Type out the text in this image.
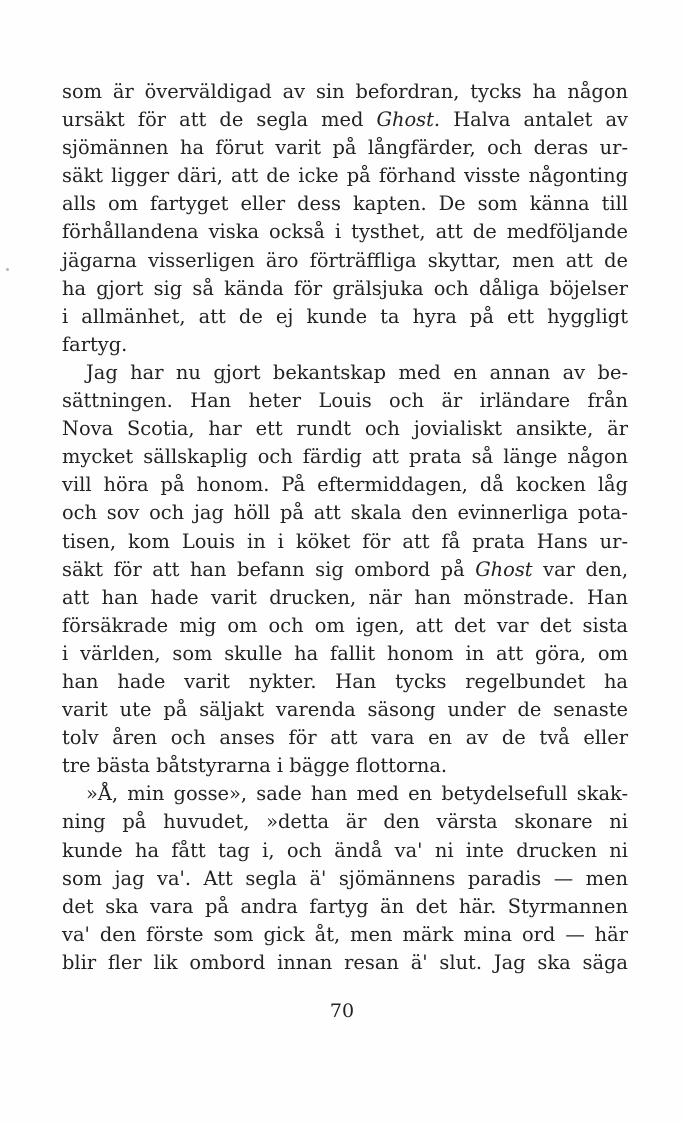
som är överväldigad av sin befordran, tycks ha någon
ursäkt för att de segla med Ghost. Halva antalet av
sjömännen ha förut varit på långfärder, och deras ur-
säkt ligger däri, att de icke på förhand visste någonting
alls om fartyget eller dess kapten. De som känna till
förhållandena viska också i tysthet, att de medföljande
jägarna visserligen äro förträffliga skyttar, men att de
ha gjort sig så kända för grälsjuka och dåliga böjelser
i allmänhet, att de ej kunde ta hyra på ett hyggligt
fartyg.
Jag har nu gjort bekantskap med en annan av be-
sättningen. Han heter Louis och är irländare från
Nova Scotia, har ett rundt och jovialiskt ansikte, är
mycket sällskaplig och färdig att prata så länge någon
vill höra på honom. På eftermiddagen, då kocken låg
och sov och jag höll på att skala den evinnerliga pota-
tisen, kom Louis in i köket för att få prata Hans ur-
säkt för att han befann sig ombord på Ghost var den,
att han hade varit drucken, när han mönstrade. Han
försäkrade mig om och om igen, att det var det sista
i världen, som skulle ha fallit honom in att göra, om
han hade varit nykter. Han tycks regelbundet ha
varit ute på säljakt varenda säsong under de senaste
tolv åren och anses för att vara en av de två eller
tre bästa båtstyrarna i bägge flottorna.
»Å, min gosse», sade han med en betydelsefull skak-
ning på huvudet, »detta är den värsta skonare ni
kunde ha fått tag i, och ändå va' ni inte drucken ni
som jag va'. Att segla ä' sjömännens paradis — men
det ska vara på andra fartyg än det här. Styrmannen
va' den förste som gick åt, men märk mina ord — här
blir fler lik ombord innan resan ä' slut. Jag ska säga
70
